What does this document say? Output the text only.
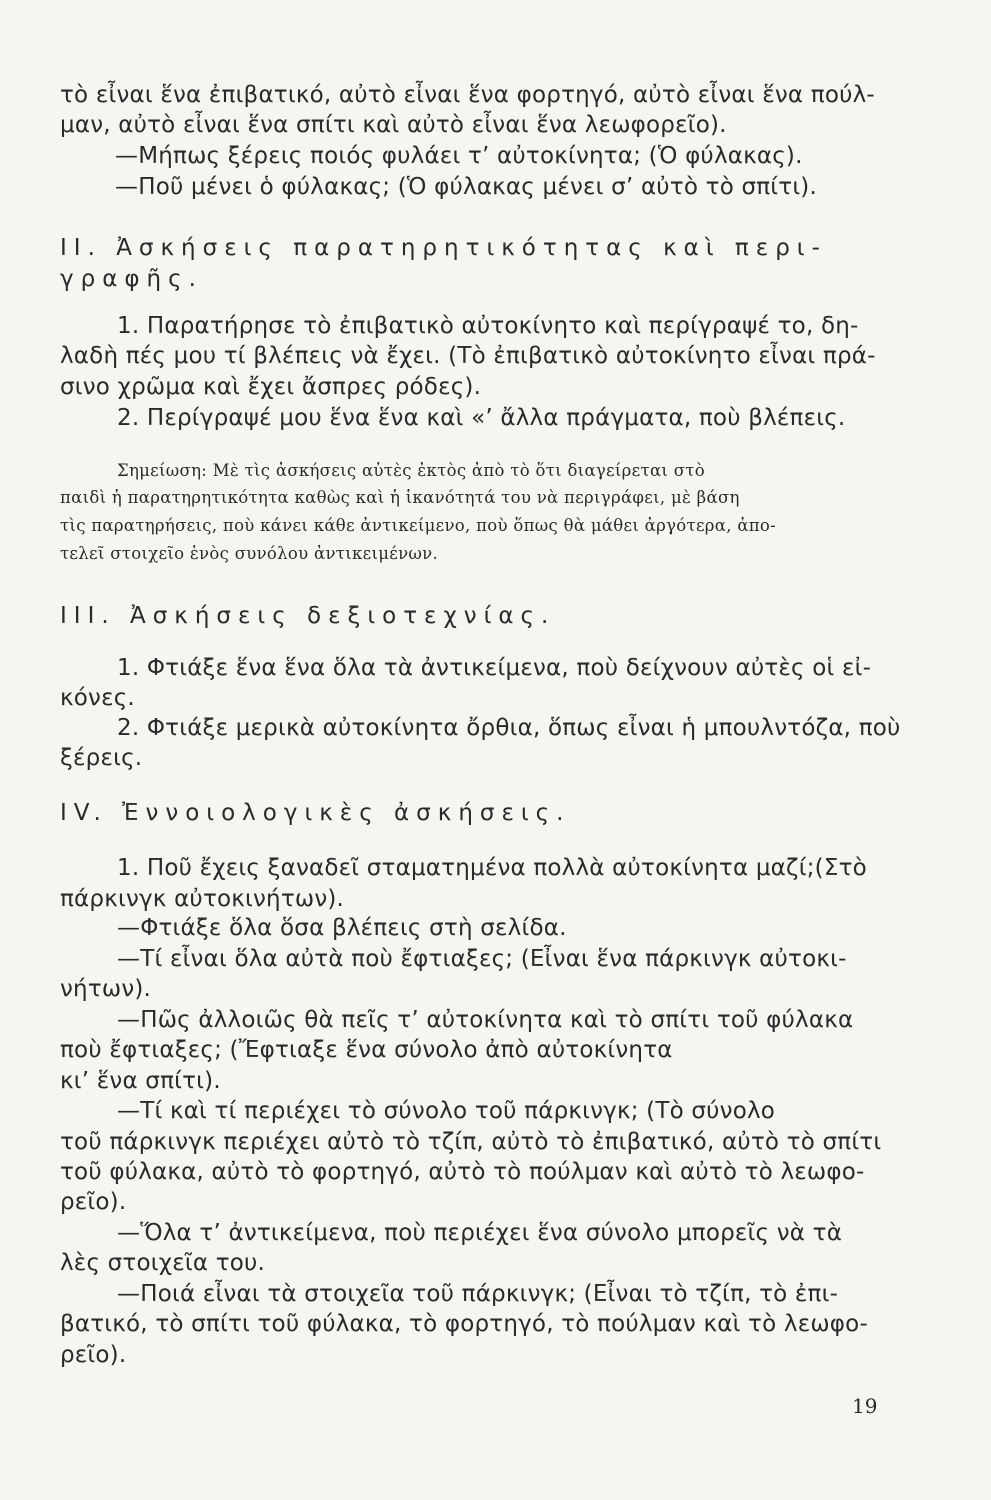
τὸ εἶναι ἕνα ἐπιβατικό, αὐτὸ εἶναι ἕνα φορτηγό, αὐτὸ εἶναι ἕνα πούλ-
μαν, αὐτὸ εἶναι ἕνα σπίτι καὶ αὐτὸ εἶναι ἕνα λεωφορεῖο).
—Μήπως ξέρεις ποιός φυλάει τ’ αὐτοκίνητα; (Ὁ φύλακας).
—Ποῦ μένει ὁ φύλακας; (Ὁ φύλακας μένει σ’ αὐτὸ τὸ σπίτι).
ΙΙ. Ἀσκήσεις παρατηρητικότητας καὶ περι-
γραφῆς.
1. Παρατήρησε τὸ ἐπιβατικὸ αὐτοκίνητο καὶ περίγραψέ το, δη-
λαδὴ πές μου τί βλέπεις νὰ ἔχει. (Τὸ ἐπιβατικὸ αὐτοκίνητο εἶναι πρά-
σινο χρῶμα καὶ ἔχει ἄσπρες ρόδες).
2. Περίγραψέ μου ἕνα ἕνα καὶ «’ ἄλλα πράγματα, ποὺ βλέπεις.
Σημείωση: Μὲ τὶς ἀσκήσεις αὐτὲς ἐκτὸς ἀπὸ τὸ ὅτι διαγείρεται στὸ
παιδὶ ἡ παρατηρητικότητα καθὼς καὶ ἡ ἱκανότητά του νὰ περιγράφει, μὲ βάση
τὶς παρατηρήσεις, ποὺ κάνει κάθε ἀντικείμενο, ποὺ ὅπως θὰ μάθει ἀργότερα, ἀπο-
τελεῖ στοιχεῖο ἑνὸς συνόλου ἀντικειμένων.
ΙΙΙ. Ἀσκήσεις δεξιοτεχνίας.
1. Φτιάξε ἕνα ἕνα ὅλα τὰ ἀντικείμενα, ποὺ δείχνουν αὐτὲς οἱ εἰ-
κόνες.
2. Φτιάξε μερικὰ αὐτοκίνητα ὄρθια, ὅπως εἶναι ἡ μπουλντόζα, ποὺ
ξέρεις.
IV. Ἐννοιολογικὲς ἀσκήσεις.
1. Ποῦ ἔχεις ξαναδεῖ σταματημένα πολλὰ αὐτοκίνητα μαζί;(Στὸ
πάρκινγκ αὐτοκινήτων).
—Φτιάξε ὅλα ὅσα βλέπεις στὴ σελίδα.
—Τί εἶναι ὅλα αὐτὰ ποὺ ἔφτιαξες; (Εἶναι ἕνα πάρκινγκ αὐτοκι-
νήτων).
—Πῶς ἀλλοιῶς θὰ πεῖς τ’ αὐτοκίνητα καὶ τὸ σπίτι τοῦ φύλακα
ποὺ ἔφτιαξες; (Ἔφτιαξε ἕνα σύνολο ἀπὸ αὐτοκίνητα
κι’ ἕνα σπίτι).
—Τί καὶ τί περιέχει τὸ σύνολο τοῦ πάρκινγκ; (Τὸ σύνολο
τοῦ πάρκινγκ περιέχει αὐτὸ τὸ τζίπ, αὐτὸ τὸ ἐπιβατικό, αὐτὸ τὸ σπίτι
τοῦ φύλακα, αὐτὸ τὸ φορτηγό, αὐτὸ τὸ πούλμαν καὶ αὐτὸ τὸ λεωφο-
ρεῖο).
—Ὅλα τ’ ἀντικείμενα, ποὺ περιέχει ἕνα σύνολο μπορεῖς νὰ τὰ
λὲς στοιχεῖα του.
—Ποιά εἶναι τὰ στοιχεῖα τοῦ πάρκινγκ; (Εἶναι τὸ τζίπ, τὸ ἐπι-
βατικό, τὸ σπίτι τοῦ φύλακα, τὸ φορτηγό, τὸ πούλμαν καὶ τὸ λεωφο-
ρεῖο).
19
